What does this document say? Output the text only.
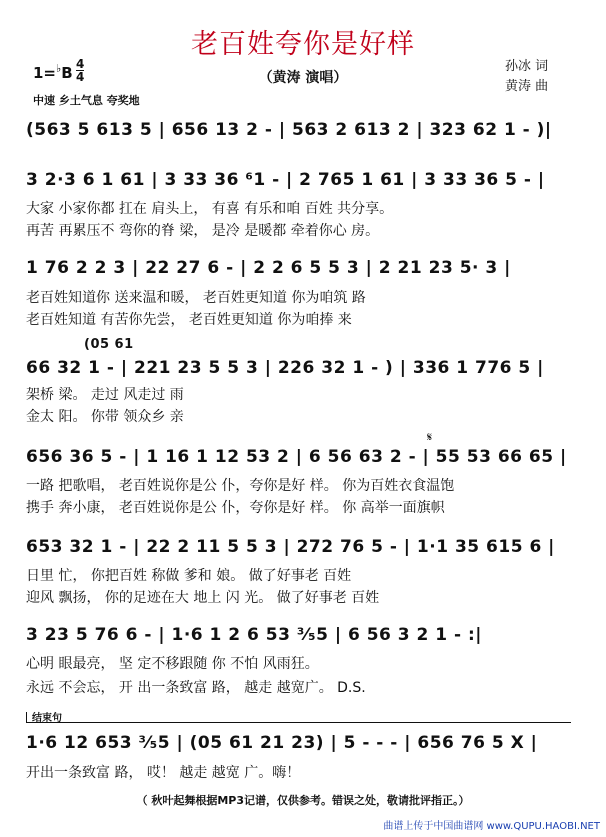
老百姓夸你是好样
1=♭B 4
4
中速 乡土气息 夸奖地
（黄涛 演唱）
孙冰 词
黄涛 曲
(563 5 613 5 | 656 13 2 - | 563 2 613 2 | 323 62 1 - )|
3 2·3 6 1 61 | 3 33 36 ⁶1 - | 2 765 1 61 | 3 33 36 5 - |
大家 小家你都 扛在 肩头上， 有喜 有乐和咱 百姓 共分享。
再苦 再累压不 弯你的脊 梁， 是冷 是暖都 牵着你心 房。
1 76 2 2 3 | 22 27 6 - | 2 2 6 5 5 3 | 2 21 23 5· 3 |
老百姓知道你 送来温和暖， 老百姓更知道 你为咱筑 路
老百姓知道 有苦你先尝， 老百姓更知道 你为咱捧 来
(05 61
66 32 1 - | 221 23 5 5 3 | 226 32 1 - ) | 336 1 776 5 |
架桥 梁。 走过 风走过 雨
金太 阳。 你带 领众乡 亲
𝄋
656 36 5 - | 1 16 1 12 53 2 | 6 56 63 2 - | 55 53 66 65 |
一路 把歌唱， 老百姓说你是公 仆，夸你是好 样。 你为百姓衣食温饱
携手 奔小康， 老百姓说你是公 仆，夸你是好 样。 你 高举一面旗帜
653 32 1 - | 22 2 11 5 5 3 | 272 76 5 - | 1·1 35 615 6 |
日里 忙， 你把百姓 称做 爹和 娘。 做了好事老 百姓
迎风 飘扬， 你的足迹在大 地上 闪 光。 做了好事老 百姓
3 23 5 76 6 - | 1·6 1 2 6 53 ³⁄₅5 | 6 56 3 2 1 - :|
心明 眼最亮， 坚 定不移跟随 你 不怕 风雨狂。
永远 不会忘， 开 出一条致富 路， 越走 越宽广。 D.S.
结束句
1·6 12 653 ³⁄₅5 | (05 61 21 23) | 5 - - - | 656 76 5 X |
开出一条致富 路， 哎！ 越走 越宽 广。嗨！
（ 秋叶起舞根据MP3记谱，仅供参考。错误之处，敬请批评指正。）
曲谱上传于中国曲谱网 www.QUPU.HAOBI.NET
